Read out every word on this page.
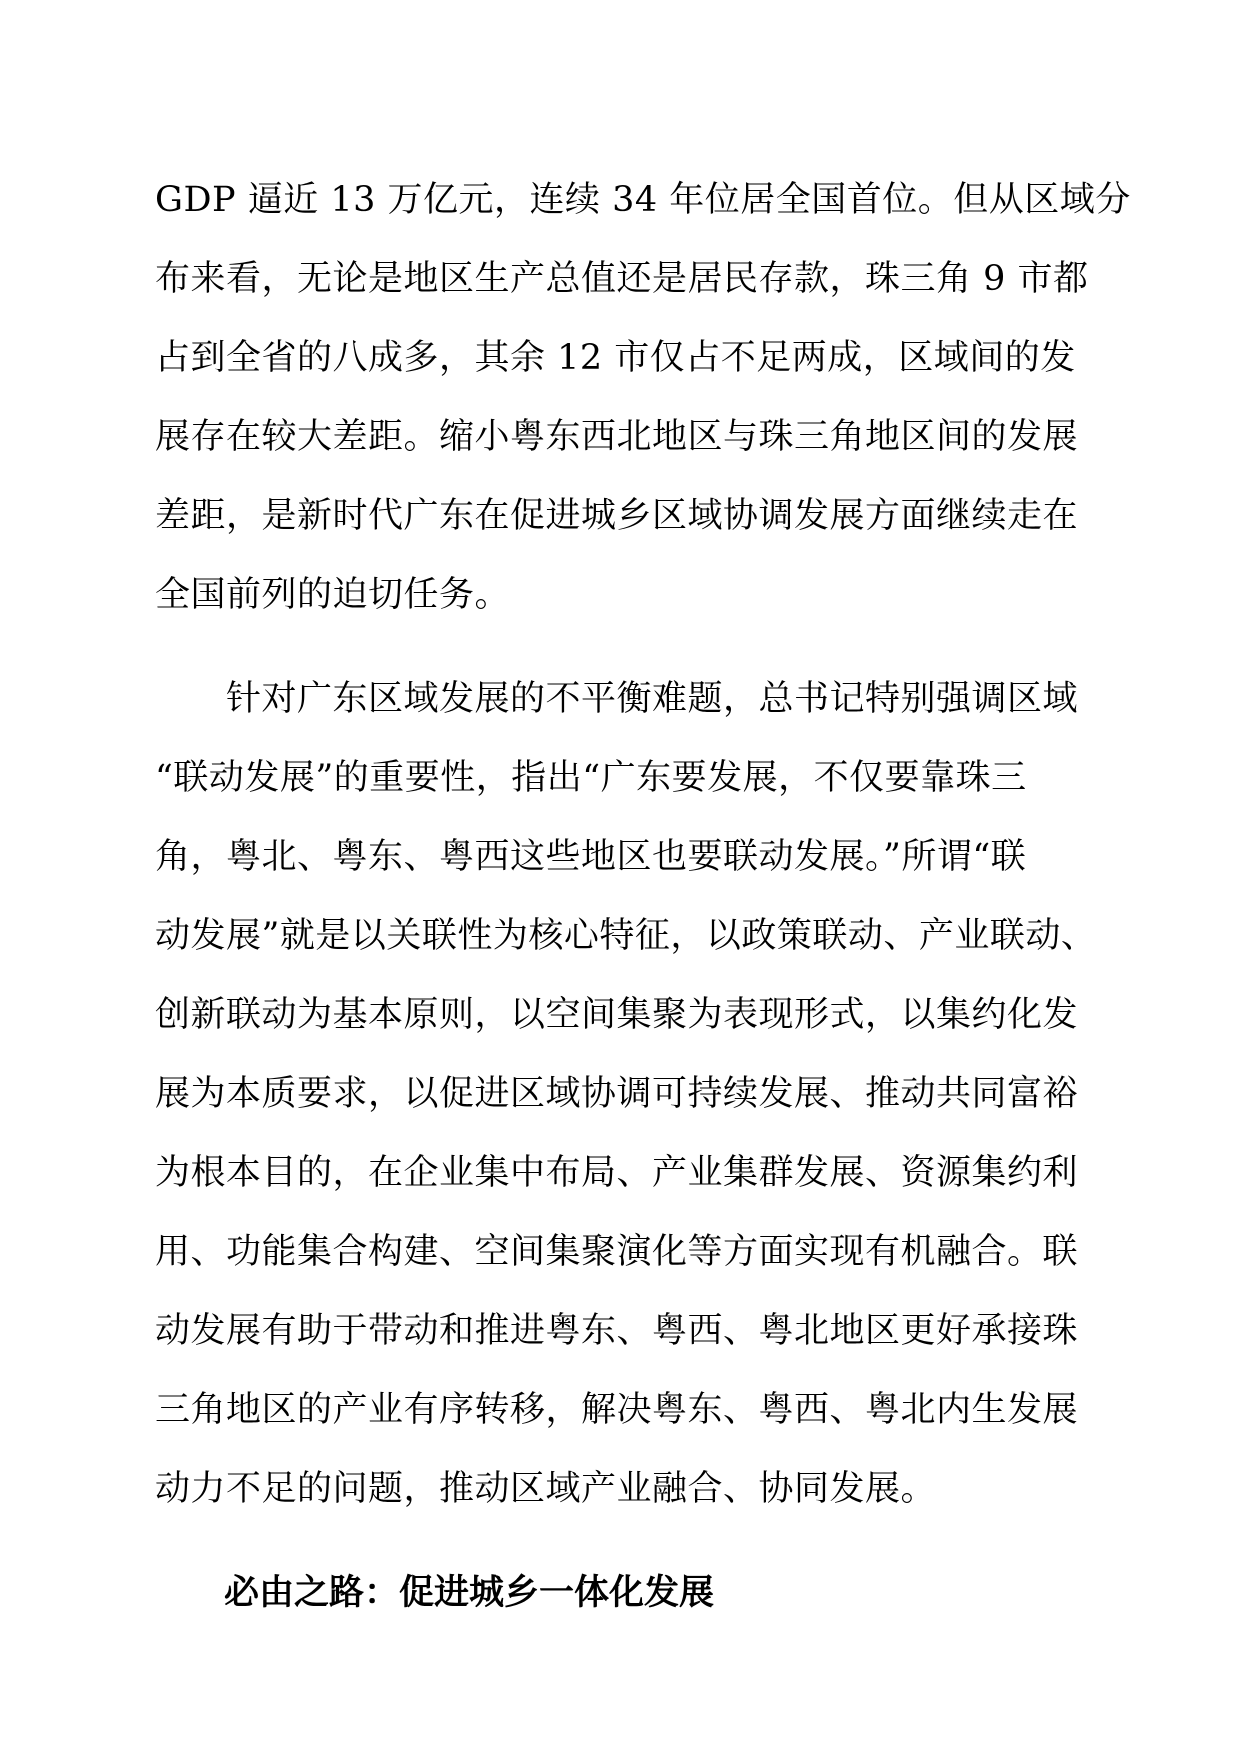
GDP 逼近 13 万亿元，连续 34 年位居全国首位。但从区域分
布来看，无论是地区生产总值还是居民存款，珠三角 9 市都
占到全省的八成多，其余 12 市仅占不足两成，区域间的发
展存在较大差距。缩小粤东西北地区与珠三角地区间的发展
差距，是新时代广东在促进城乡区域协调发展方面继续走在
全国前列的迫切任务。
　　针对广东区域发展的不平衡难题，总书记特别强调区域
“联动发展”的重要性，指出“广东要发展，不仅要靠珠三
角，粤北、粤东、粤西这些地区也要联动发展。”所谓“联
动发展”就是以关联性为核心特征，以政策联动、产业联动、
创新联动为基本原则，以空间集聚为表现形式，以集约化发
展为本质要求，以促进区域协调可持续发展、推动共同富裕
为根本目的，在企业集中布局、产业集群发展、资源集约利
用、功能集合构建、空间集聚演化等方面实现有机融合。联
动发展有助于带动和推进粤东、粤西、粤北地区更好承接珠
三角地区的产业有序转移，解决粤东、粤西、粤北内生发展
动力不足的问题，推动区域产业融合、协同发展。
必由之路：促进城乡一体化发展
